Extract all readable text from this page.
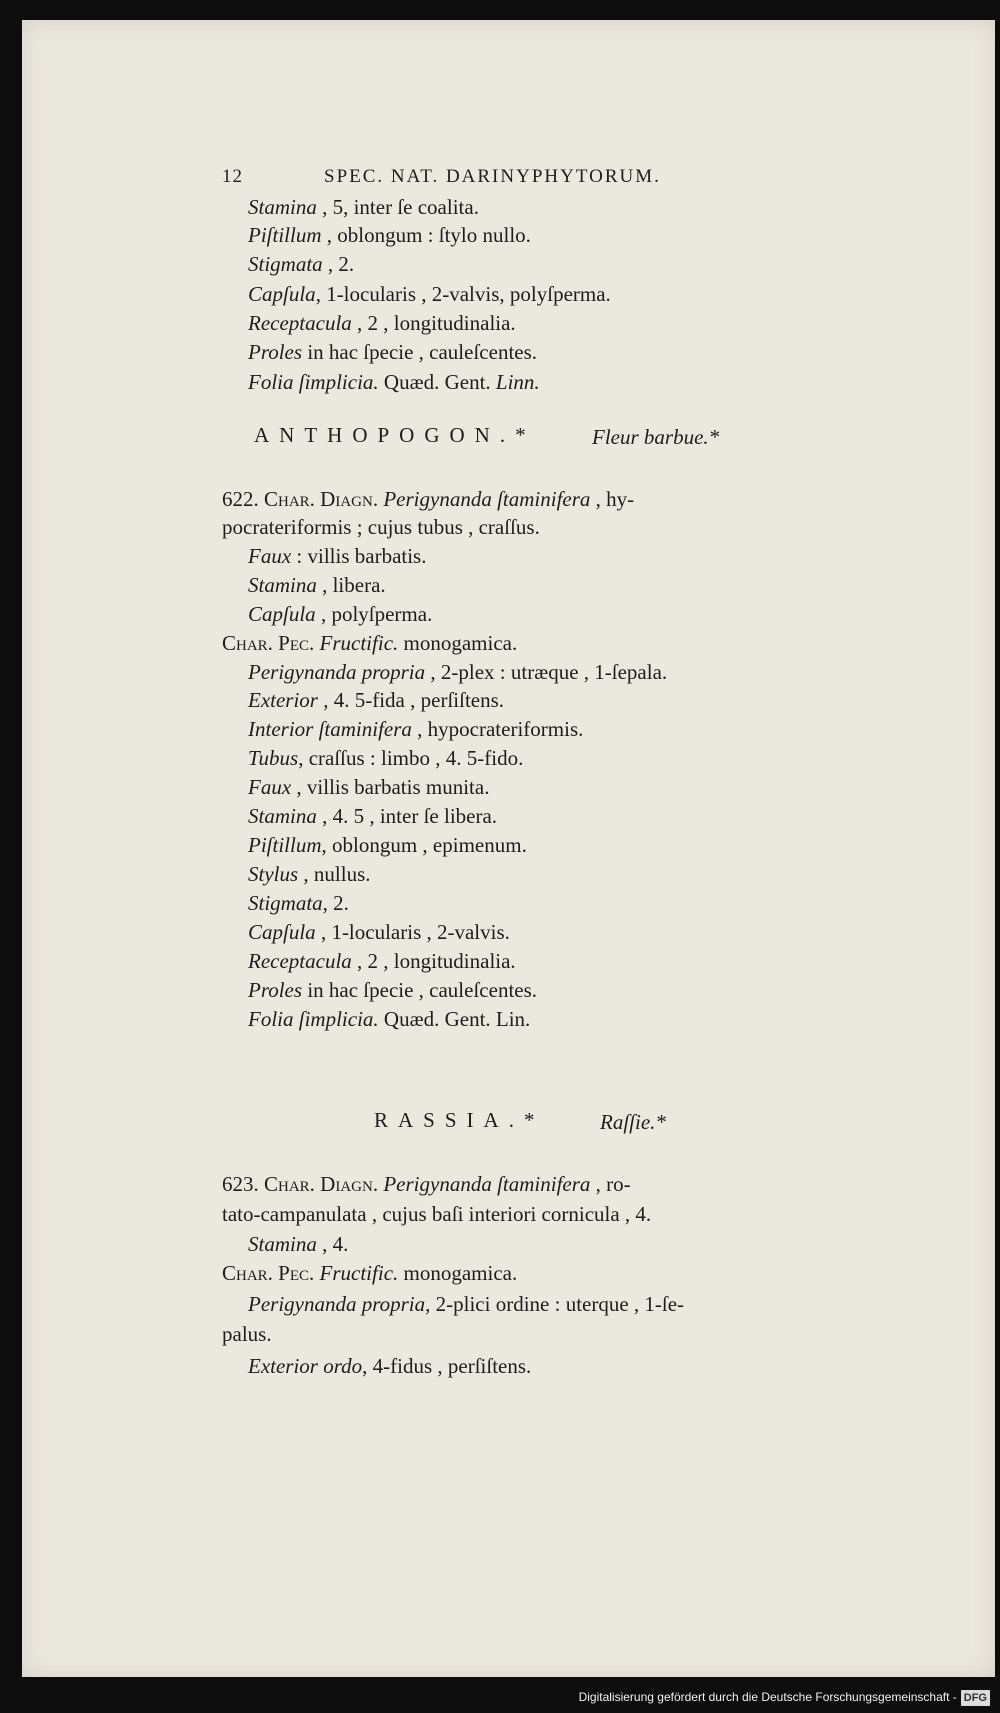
12	SPEC. NAT. DARINYPHYTORUM.
Stamina , 5, inter ſe coalita.
Piſtillum , oblongum : ſtylo nullo.
Stigmata , 2.
Capſula, 1-locularis , 2-valvis, polyſperma.
Receptacula , 2 , longitudinalia.
Proles in hac ſpecie , cauleſcentes.
Folia ſimplicia. Quæd. Gent. Linn.
ANTHOPOGON.*	Fleur barbue.*
622. Char. Diagn. Perigynanda ſtaminifera , hy-
pocrateriformis ; cujus tubus , craſſus.
Faux : villis barbatis.
Stamina , libera.
Capſula , polyſperma.
Char. Pec. Fructific. monogamica.
Perigynanda propria , 2-plex : utræque , 1-ſepala.
Exterior , 4. 5-fida , perſiſtens.
Interior ſtaminifera , hypocrateriformis.
Tubus, craſſus : limbo , 4. 5-fido.
Faux , villis barbatis munita.
Stamina , 4. 5 , inter ſe libera.
Piſtillum, oblongum , epimenum.
Stylus , nullus.
Stigmata, 2.
Capſula , 1-locularis , 2-valvis.
Receptacula , 2 , longitudinalia.
Proles in hac ſpecie , cauleſcentes.
Folia ſimplicia. Quæd. Gent. Lin.
RASSIA.*	Raſſie.*
623. Char. Diagn. Perigynanda ſtaminifera , ro-
tato-campanulata , cujus baſi interiori cornicula , 4.
Stamina , 4.
Char. Pec. Fructific. monogamica.
Perigynanda propria, 2-plici ordine : uterque , 1-ſe-
palus.
Exterior ordo, 4-fidus , perſiſtens.
Digitalisierung gefördert durch die Deutsche Forschungsgemeinschaft - DFG
